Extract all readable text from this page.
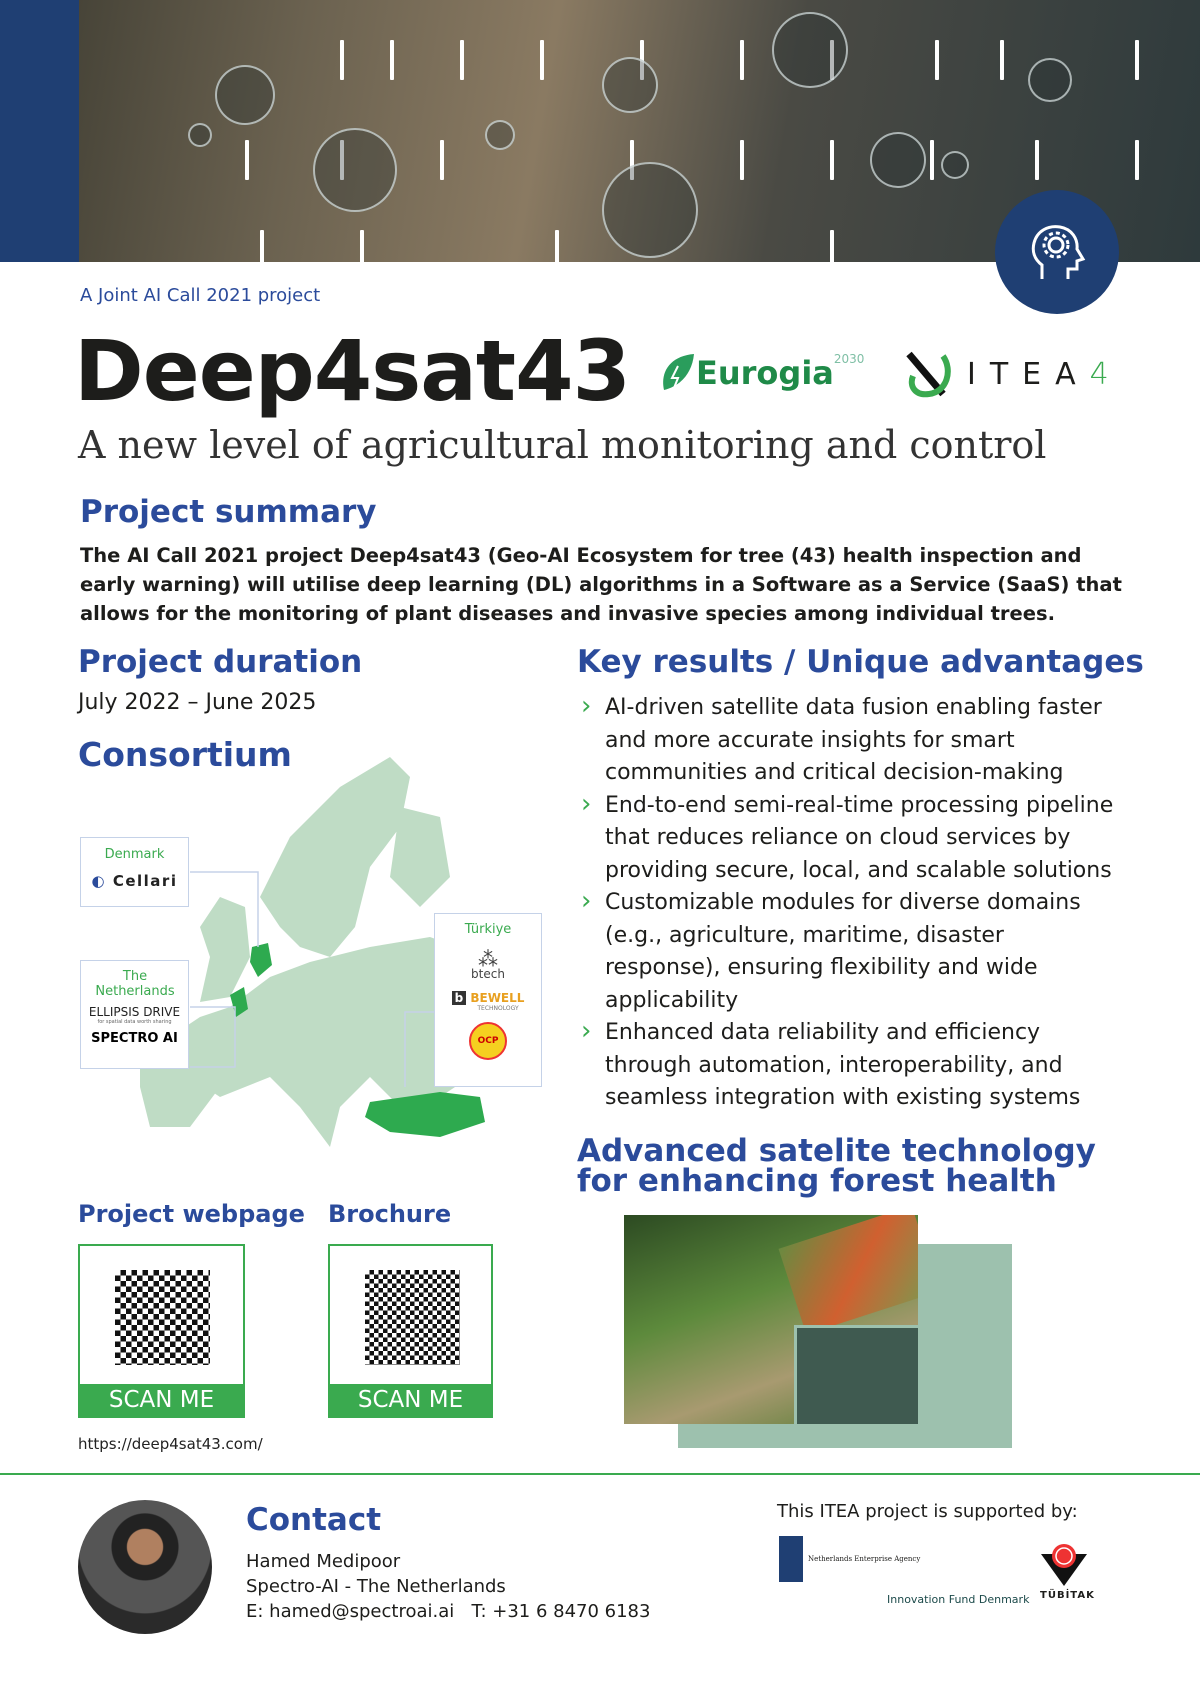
A Joint AI Call 2021 project
Deep4sat43
A new level of agricultural monitoring and control
Eurogia 2030	ITEA 4
Project summary

The AI Call 2021 project Deep4sat43 (Geo-AI Ecosystem for tree (43) health inspection and early warning) will utilise deep learning (DL) algorithms in a Software as a Service (SaaS) that allows for the monitoring of plant diseases and invasive species among individual trees.

Project duration
July 2022 – June 2025
Consortium
Denmark
◐ Cellari
The Netherlands
ELLIPSIS DRIVE
for spatial data worth sharing
SPECTRO AI
Türkiye
⁂
btech
b BEWELL
TECHNOLOGY
OCP
Key results / Unique advantages
› AI-driven satellite data fusion enabling faster and more accurate insights for smart communities and critical decision-making
› End-to-end semi-real-time processing pipeline that reduces reliance on cloud services by providing secure, local, and scalable solutions
› Customizable modules for diverse domains (e.g., agriculture, maritime, disaster response), ensuring flexibility and wide applicability
› Enhanced data reliability and efficiency through automation, interoperability, and seamless integration with existing systems
Advanced satelite technology for enhancing forest health
Project webpage Brochure
SCAN ME	SCAN ME
https://deep4sat43.com/
Contact
Hamed Medipoor
Spectro-AI - The Netherlands
E: hamed@spectroai.ai T: +31 6 8470 6183
This ITEA project is supported by:
Netherlands Enterprise Agency
Innovation Fund Denmark TÜBİTAK
